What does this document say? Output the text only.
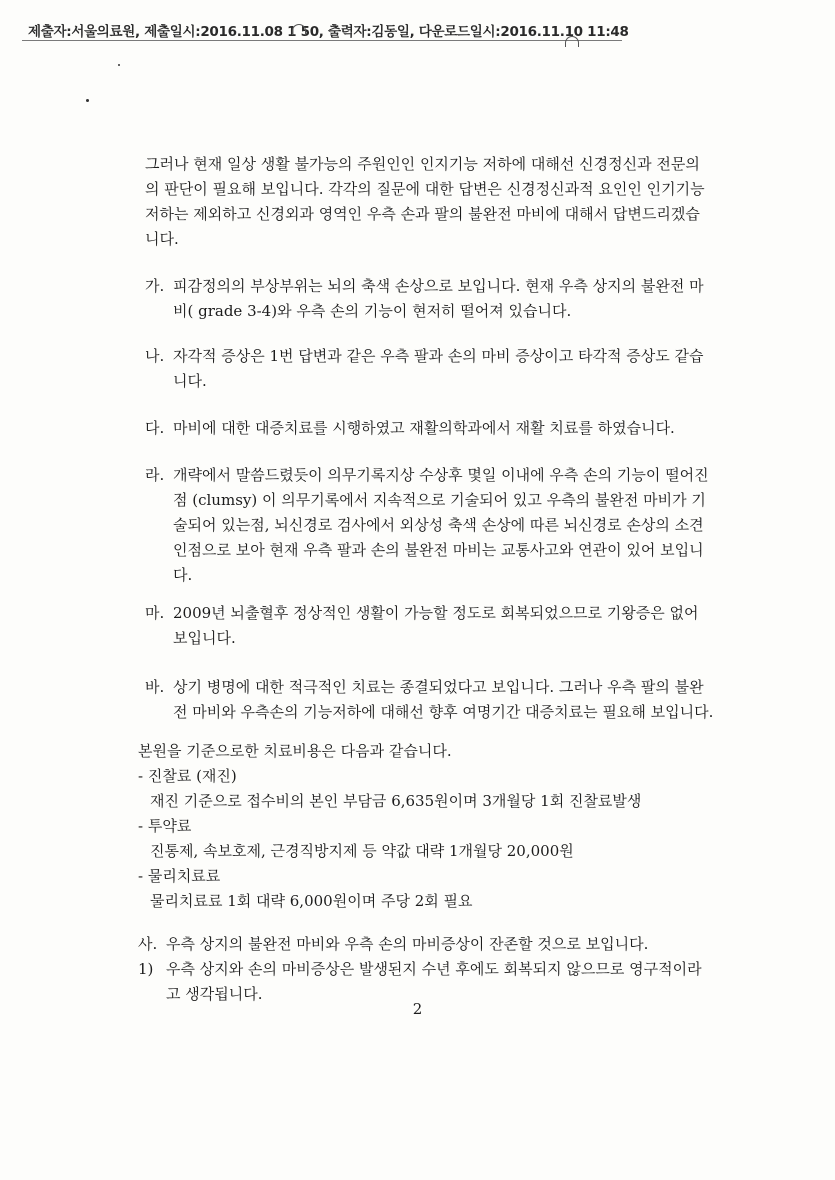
제출자:서울의료원, 제출일시:2016.11.08 1 50, 출력자:김동일, 다운로드일시:2016.11.10 11:48

그러나 현재 일상 생활 불가능의 주원인인 인지기능 저하에 대해선 신경정신과 전문의의 판단이 필요해 보입니다. 각각의 질문에 대한 답변은 신경정신과적 요인인 인기기능 저하는 제외하고 신경외과 영역인 우측 손과 팔의 불완전 마비에 대해서 답변드리겠습니다.

가. 피감정의의 부상부위는 뇌의 축색 손상으로 보입니다. 현재 우측 상지의 불완전 마비( grade 3-4)와 우측 손의 기능이 현저히 떨어져 있습니다.
나. 자각적 증상은 1번 답변과 같은 우측 팔과 손의 마비 증상이고 타각적 증상도 같습니다.
다. 마비에 대한 대증치료를 시행하였고 재활의학과에서 재활 치료를 하였습니다.
라. 개략에서 말씀드렸듯이 의무기록지상 수상후 몇일 이내에 우측 손의 기능이 떨어진점 (clumsy) 이 의무기록에서 지속적으로 기술되어 있고 우측의 불완전 마비가 기술되어 있는점, 뇌신경로 검사에서 외상성 축색 손상에 따른 뇌신경로 손상의 소견인점으로 보아 현재 우측 팔과 손의 불완전 마비는 교통사고와 연관이 있어 보입니다.
마. 2009년 뇌출혈후 정상적인 생활이 가능할 정도로 회복되었으므로 기왕증은 없어 보입니다.
바. 상기 병명에 대한 적극적인 치료는 종결되었다고 보입니다. 그러나 우측 팔의 불완전 마비와 우측손의 기능저하에 대해선 향후 여명기간 대증치료는 필요해 보입니다.
본원을 기준으로한 치료비용은 다음과 같습니다.
- 진찰료 (재진)
재진 기준으로 접수비의 본인 부담금 6,635원이며 3개월당 1회 진찰료발생
- 투약료
진통제, 속보호제, 근경직방지제 등 약값 대략 1개월당 20,000원
- 물리치료료
물리치료료 1회 대략 6,000원이며 주당 2회 필요
사. 우측 상지의 불완전 마비와 우측 손의 마비증상이 잔존할 것으로 보입니다.
1) 우측 상지와 손의 마비증상은 발생된지 수년 후에도 회복되지 않으므로 영구적이라고 생각됩니다.
2
